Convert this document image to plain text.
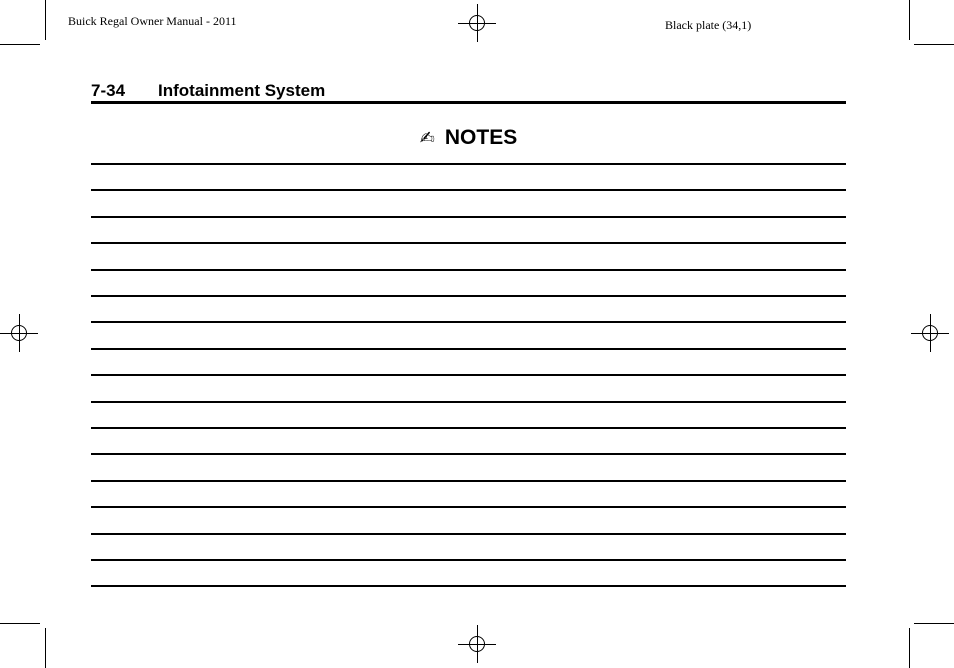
Buick Regal Owner Manual - 2011	Black plate (34,1)
7-34 Infotainment System
✍ NOTES
